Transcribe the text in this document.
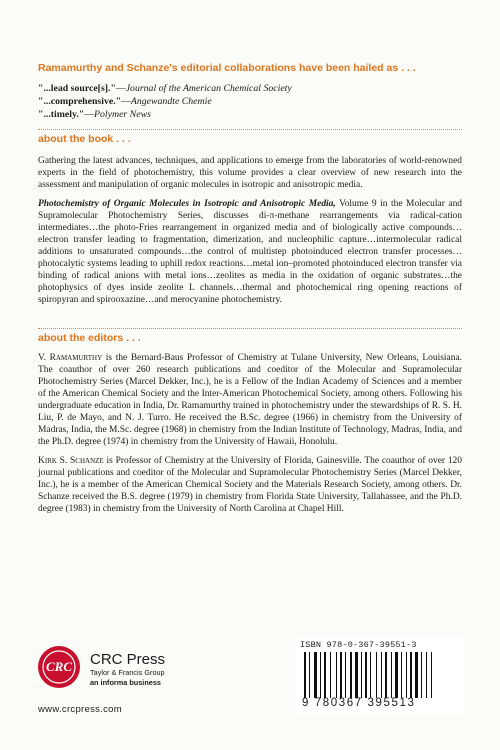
Ramamurthy and Schanze's editorial collaborations have been hailed as . . .
"...lead source[s]."—Journal of the American Chemical Society
"...comprehensive."—Angewandte Chemie
"...timely."—Polymer News
about the book . . .

Gathering the latest advances, techniques, and applications to emerge from the laboratories of world-renowned experts in the field of photochemistry, this volume provides a clear overview of new research into the assessment and manipulation of organic molecules in isotropic and anisotropic media.

Photochemistry of Organic Molecules in Isotropic and Anisotropic Media, Volume 9 in the Molecular and Supramolecular Photochemistry Series, discusses di-π-methane rearrangements via radical-cation intermediates…the photo-Fries rearrangement in organized media and of biologically active compounds…electron transfer leading to fragmentation, dimerization, and nucleophilic capture…intermolecular radical additions to unsaturated compounds…the control of multistep photoinduced electron transfer processes…photocalytic systems leading to uphill redox reactions…metal ion–promoted photoinduced electron transfer via binding of radical anions with metal ions…zeolites as media in the oxidation of organic substrates…the photophysics of dyes inside zeolite L channels…thermal and photochemical ring opening reactions of spiropyran and spirooxazine…and merocyanine photochemistry.

about the editors . . .

V. Ramamurthy is the Bernard-Baus Professor of Chemistry at Tulane University, New Orleans, Louisiana. The coauthor of over 260 research publications and coeditor of the Molecular and Supramolecular Photochemistry Series (Marcel Dekker, Inc.), he is a Fellow of the Indian Academy of Sciences and a member of the American Chemical Society and the Inter-American Photochemical Society, among others. Following his undergraduate education in India, Dr. Ramamurthy trained in photochemistry under the stewardships of R. S. H. Liu, P. de Mayo, and N. J. Turro. He received the B.Sc. degree (1966) in chemistry from the University of Madras, India, the M.Sc. degree (1968) in chemistry from the Indian Institute of Technology, Madras, India, and the Ph.D. degree (1974) in chemistry from the University of Hawaii, Honolulu.

Kirk S. Schanze is Professor of Chemistry at the University of Florida, Gainesville. The coauthor of over 120 journal publications and coeditor of the Molecular and Supramolecular Photochemistry Series (Marcel Dekker, Inc.), he is a member of the American Chemical Society and the Materials Research Society, among others. Dr. Schanze received the B.S. degree (1979) in chemistry from Florida State University, Tallahassee, and the Ph.D. degree (1983) in chemistry from the University of North Carolina at Chapel Hill.

CRC CRC Press
Taylor & Francis Group
an informa business
www.crcpress.com
ISBN 978-0-367-39551-3
9 780367 395513
